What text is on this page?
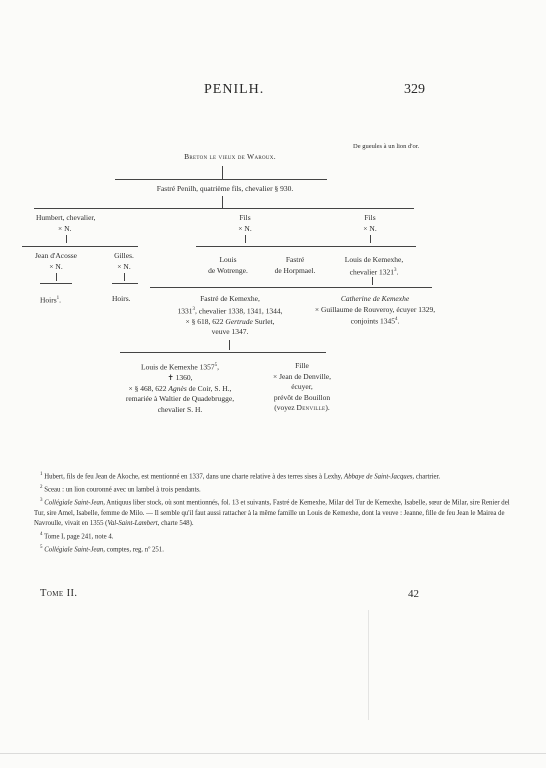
PENILH.	329
De gueules à un lion d'or.
Breton le vieux de Waroux.
Fastré Penilh, quatrième fils, chevalier § 930.
Humbert, chevalier,
× N.
Fils
× N.
Fils
× N.
Jean d'Acosse
× N.
Gilles.
× N.
Louis
de Wotrenge.
Fastré
de Horpmael.
Louis de Kemexhe,
chevalier 1321$^3$.
Hoirs$^1$.	Hoirs.	Fastré de Kemexhe,
1331$^3$, chevalier 1338, 1341, 1344,
× § 618, 622 Gertrude Surlet,
veuve 1347.
Catherine de Kemexhe
× Guillaume de Rouveroy, écuyer 1329,
conjoints 1345$^4$.
Louis de Kemexhe 1357$^5$,
✝ 1360,
× § 468, 622 Agnès de Coir, S. H.,
remariée à Waltier de Quadebrugge,
chevalier S. H.
Fille
× Jean de Denville,
écuyer,
prévôt de Bouillon
(voyez Denville).

$^1$ Hubert, fils de feu Jean de Akoche, est mentionné en 1337, dans une charte relative à des terres sises à Lexhy, Abbaye de Saint-Jacques, chartrier.

$^2$ Sceau : un lion couronné avec un lambel à trois pendants.

$^3$ Collégiale Saint-Jean, Antiquus liber stock, où sont mentionnés, fol. 13 et suivants, Fastré de Kemexhe, Milar del Tur de Kemexhe, Isabelle, sœur de Milar, sire Renier del Tur, sire Amel, Isabelle, femme de Milo. — Il semble qu'il faut aussi rattacher à la même famille un Louis de Kemexhe, dont la veuve : Jeanne, fille de feu Jean le Mairea de Navroulle, vivait en 1355 (Val-Saint-Lambert, charte 548).

$^4$ Tome I, page 241, note 4.

$^5$ Collégiale Saint-Jean, comptes, reg. nº 251.

Tome II.	42
